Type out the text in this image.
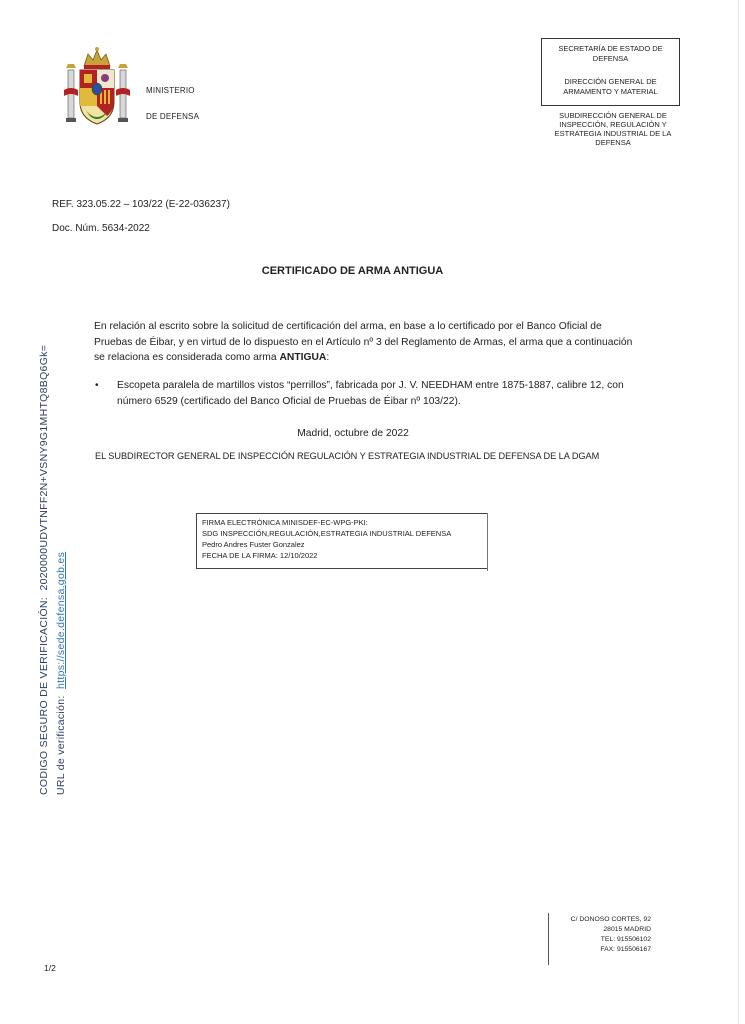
MINISTERIO
DE DEFENSA
SECRETARÍA DE ESTADO DE DEFENSA
DIRECCIÓN GENERAL DE ARMAMENTO Y MATERIAL
SUBDIRECCIÓN GENERAL DE INSPECCIÓN, REGULACIÓN Y ESTRATEGIA INDUSTRIAL DE LA DEFENSA
REF. 323.05.22 – 103/22 (E-22-036237)
Doc. Núm. 5634-2022
CERTIFICADO DE ARMA ANTIGUA
En relación al escrito sobre la solicitud de certificación del arma, en base a lo certificado por el Banco Oficial de Pruebas de Éibar, y en virtud de lo dispuesto en el Artículo nº 3 del Reglamento de Armas, el arma que a continuación se relaciona es considerada como arma ANTIGUA:
• Escopeta paralela de martillos vistos “perrillos”, fabricada por J. V. NEEDHAM entre 1875-1887, calibre 12, con número 6529 (certificado del Banco Oficial de Pruebas de Éibar nº 103/22).
Madrid, octubre de 2022
EL SUBDIRECTOR GENERAL DE INSPECCIÓN REGULACIÓN Y ESTRATEGIA INDUSTRIAL DE DEFENSA DE LA DGAM
FIRMA ELECTRÓNICA MINISDEF-EC-WPG-PKI:
SDG INSPECCIÓN,REGULACIÓN,ESTRATEGIA INDUSTRIAL DEFENSA
Pedro Andres Fuster Gonzalez
FECHA DE LA FIRMA: 12/10/2022
CODIGO SEGURO DE VERIFICACIÓN:  2020000UDVTNFF2N+VSNY9G1MHTQ8BQ6Gk=
URL de verificación:  https://sede.defensa.gob.es
C/ DONOSO CORTES, 92
28015 MADRID
TEL: 915506102
FAX: 915506167
1/2
